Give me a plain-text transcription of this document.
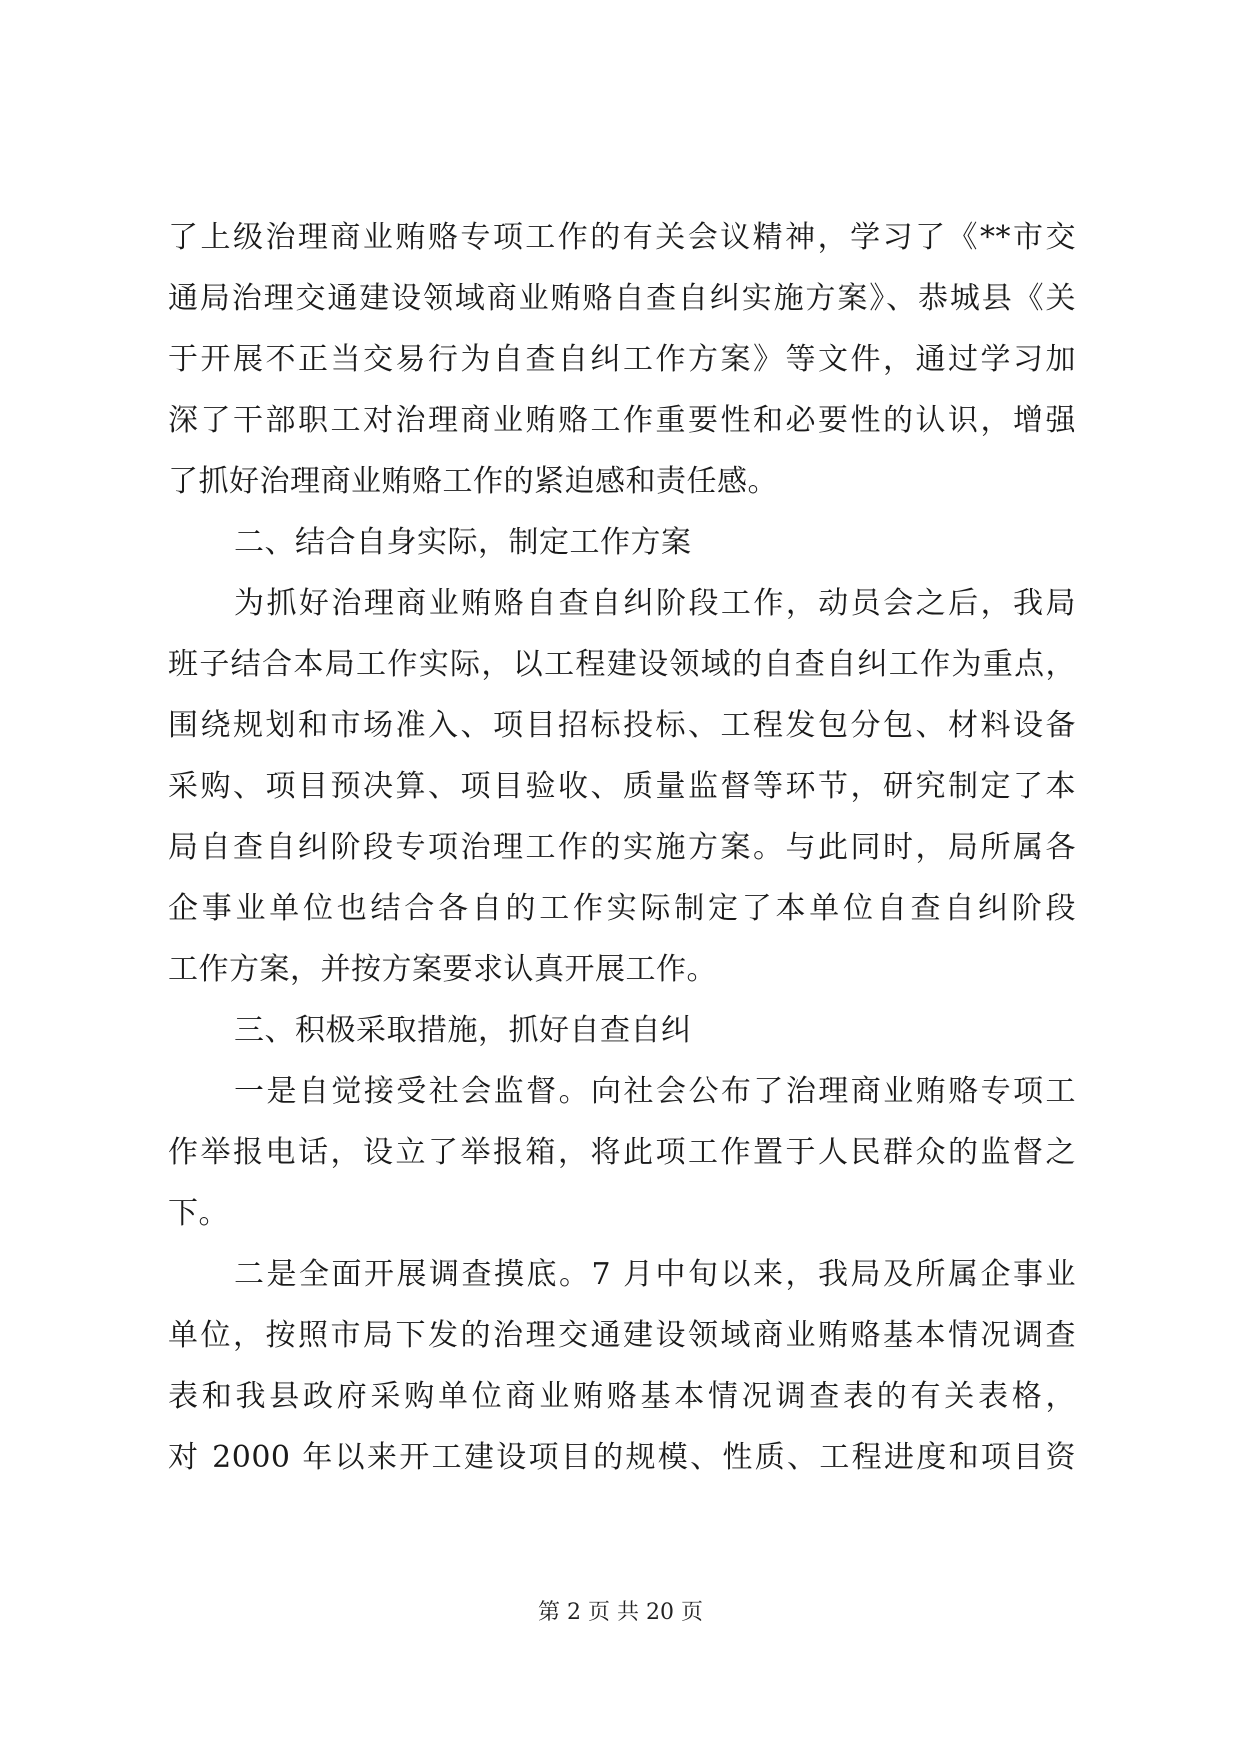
了上级治理商业贿赂专项工作的有关会议精神，学习了《**市交
通局治理交通建设领域商业贿赂自查自纠实施方案》、恭城县《关
于开展不正当交易行为自查自纠工作方案》等文件，通过学习加
深了干部职工对治理商业贿赂工作重要性和必要性的认识，增强
了抓好治理商业贿赂工作的紧迫感和责任感。
二、结合自身实际，制定工作方案
为抓好治理商业贿赂自查自纠阶段工作，动员会之后，我局
班子结合本局工作实际，以工程建设领域的自查自纠工作为重点，
围绕规划和市场准入、项目招标投标、工程发包分包、材料设备
采购、项目预决算、项目验收、质量监督等环节，研究制定了本
局自查自纠阶段专项治理工作的实施方案。与此同时，局所属各
企事业单位也结合各自的工作实际制定了本单位自查自纠阶段
工作方案，并按方案要求认真开展工作。
三、积极采取措施，抓好自查自纠
一是自觉接受社会监督。向社会公布了治理商业贿赂专项工
作举报电话，设立了举报箱，将此项工作置于人民群众的监督之
下。
二是全面开展调查摸底。7 月中旬以来，我局及所属企事业
单位，按照市局下发的治理交通建设领域商业贿赂基本情况调查
表和我县政府采购单位商业贿赂基本情况调查表的有关表格，
对 2000 年以来开工建设项目的规模、性质、工程进度和项目资
第 2 页 共 20 页
